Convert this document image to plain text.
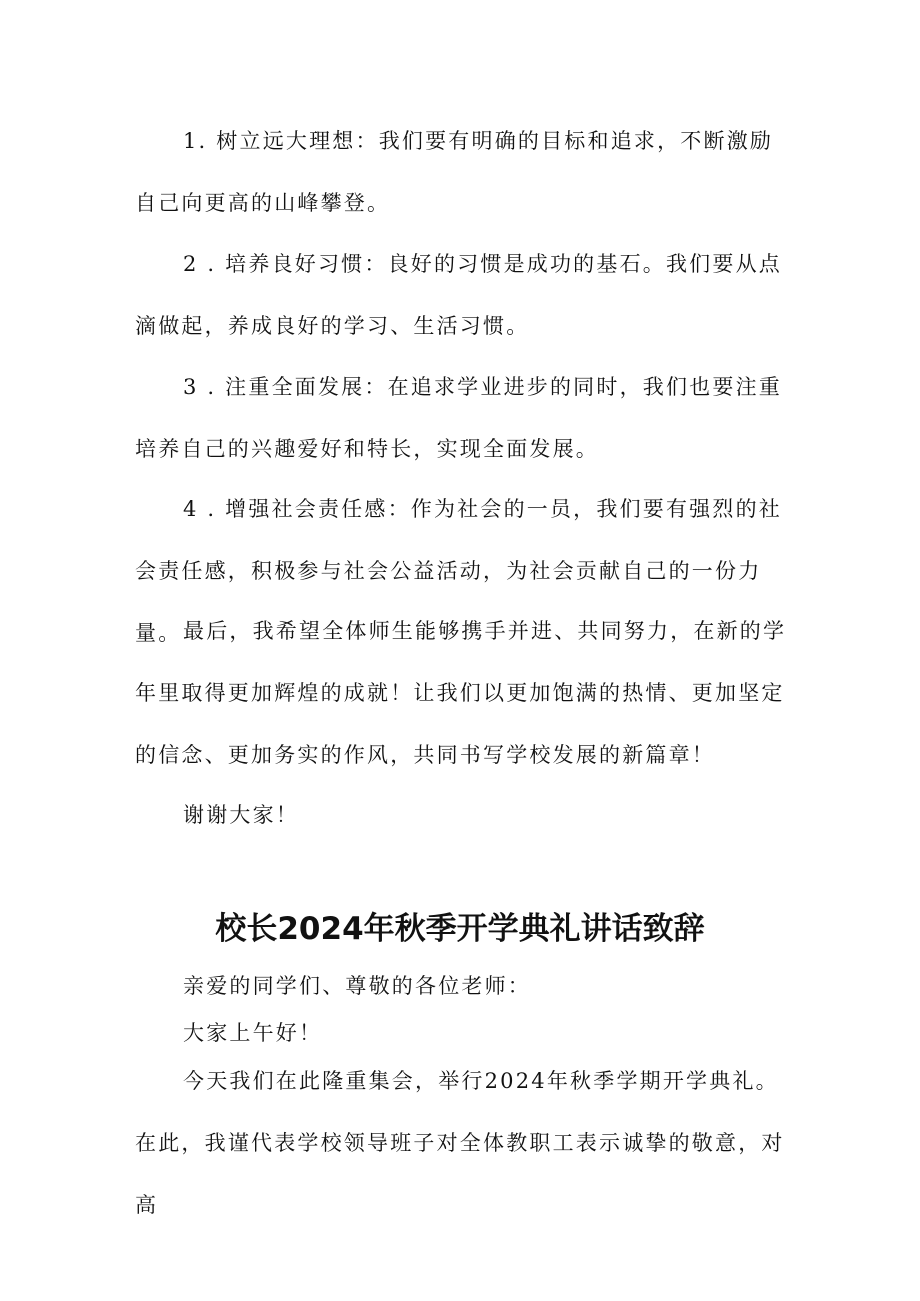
1. 树立远大理想：我们要有明确的目标和追求，不断激励自己向更高的山峰攀登。

2 . 培养良好习惯：良好的习惯是成功的基石。我们要从点滴做起，养成良好的学习、生活习惯。

3 . 注重全面发展：在追求学业进步的同时，我们也要注重培养自己的兴趣爱好和特长，实现全面发展。

4 . 增强社会责任感：作为社会的一员，我们要有强烈的社会责任感，积极参与社会公益活动，为社会贡献自己的一份力量。 最后，我希望全体师生能够携手并进、共同努力，在新的学年里取得更加辉煌的成就！让我们以更加饱满的热情、更加坚定的信念、更加务实的作风，共同书写学校发展的新篇章！

谢谢大家！

校长2024年秋季开学典礼讲话致辞

亲爱的同学们、尊敬的各位老师：

大家上午好！

今天我们在此隆重集会，举行2024年秋季学期开学典礼。在此，我谨代表学校领导班子对全体教职工表示诚挚的敬意，对高
